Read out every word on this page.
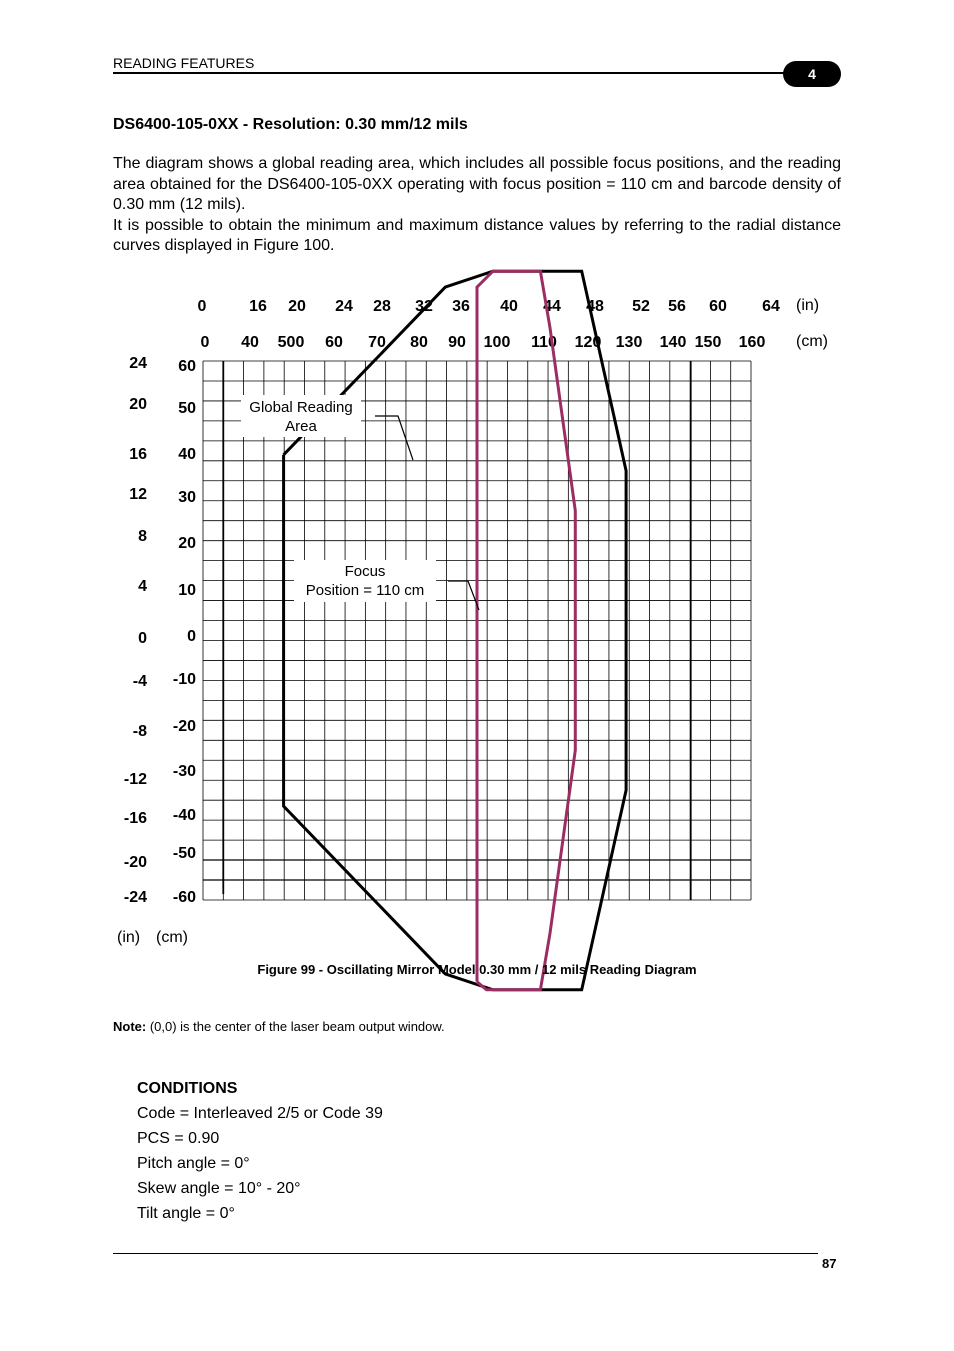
READING FEATURES
4
DS6400-105-0XX - Resolution: 0.30 mm/12 mils

The diagram shows a global reading area, which includes all possible focus positions, and the reading area obtained for the DS6400-105-0XX operating with focus position = 110 cm and barcode density of 0.30 mm (12 mils).

It is possible to obtain the minimum and maximum distance values by referring to the radial distance curves displayed in Figure 100.

0	16	20	24	28	32	36	40	44	48	52	56	60	64	(in)
0	40	500	60	70	80	90	100	110	120 130	140 150	160	(cm)
24
20
16
12
8
4
0
-4
-8
-12
-16
-20
-24
60
50
40
30
20
10
0
-10
-20
-30
-40
-50
-60
(in) (cm)
Global Reading
Area
Focus
Position = 110 cm
Figure 99 - Oscillating Mirror Model 0.30 mm / 12 mils Reading Diagram
Note: (0,0) is the center of the laser beam output window.
CONDITIONS
Code = Interleaved 2/5 or Code 39
PCS = 0.90
Pitch angle = 0°
Skew angle = 10° - 20°
Tilt angle = 0°
87
